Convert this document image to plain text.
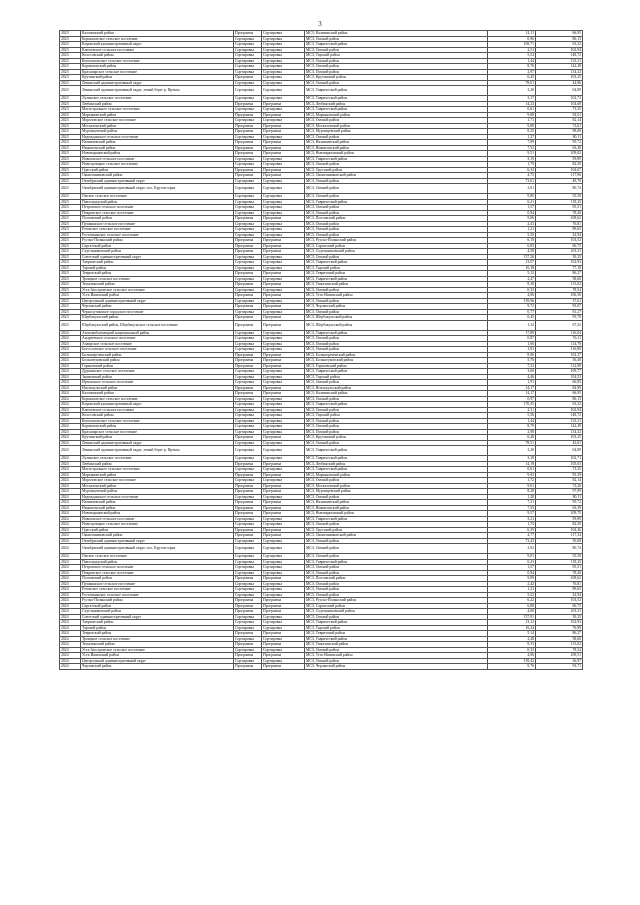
3
2023	Калачинский район	Программа	Сортировка	МСЗ, Калачинский район	14,11	66,95
2023	Кормиловское сельское поселение	Сортировка	Сортировка	МСЗ, Омский район	0,96	86,13
2023	Кировский административный округ	Сортировка	Сортировка	МСЗ, Таврический район	169,71	63,32
2023	Ключевское сельское поселение	Сортировка	Сортировка	МСЗ, Омский район	2,51	102,94
2023	Колосовский район	Сортировка	Сортировка	МСЗ, Тарский район	5,54	148,72
2023	Комсомольское сельское поселение	Сортировка	Сортировка	МСЗ, Омский район	1,44	133,31
2023	Кормиловский район	Сортировка	Сортировка	МСЗ, Омский район	8,76	142,28
2023	Красноярское сельское поселение	Сортировка	Сортировка	МСЗ, Омский район	2,97	134,32
2023	Крутинский район	Программа	Сортировка	МСЗ, Крутинский район	6,45	103,25
2023	Ленинский административный округ	Сортировка	Сортировка	МСЗ, Омский район	78,01	44,96
2023	Ленинский административный округ, левый берег р. Иртыш	Сортировка	Сортировка	МСЗ, Таврический район	2,20	64,89
2023	Лузинское сельское поселение	Сортировка	Сортировка	МСЗ, Таврический район	3,17	102,73
2023	Любинский район	Программа	Программа	МСЗ, Любинский район	14,23	104,68
2023	Магистральное сельское поселение	Сортировка	Сортировка	МСЗ, Таврический район	0,61	73,35
2023	Марьяновский район	Программа	Программа	МСЗ, Марьяновский район	9,88	94,01
2023	Морозовское сельское поселение	Сортировка	Сортировка	МСЗ, Омский район	1,71	82,14
2023	Москаленский район	Программа	Программа	МСЗ, Москаленский район	9,88	73,61
2023	Муромцевский район	Программа	Программа	МСЗ, Муромцевский район	8,25	98,00
2023	Надеждинское сельское поселение	Сортировка	Сортировка	МСЗ, Омский район	1,27	80,11
2023	Называевский район	Программа	Программа	МСЗ, Называевский район	7,89	95,72
2023	Нижнеомский район	Программа	Программа	МСЗ, Нижнеомский район	7,52	63,40
2023	Нововаршавский район	Программа	Программа	МСЗ, Нововаршавский район	9,51	109,02
2023	Новоомское сельское поселение	Сортировка	Сортировка	МСЗ, Таврический район	3,19	59,89
2023	Новотроицкое сельское поселение	Сортировка	Сортировка	МСЗ, Омский район	1,79	82,50
2023	Одесский район	Программа	Программа	МСЗ, Одесский район	6,32	104,67
2023	Оконешниковский район	Программа	Программа	МСЗ, Оконешниковский район	4,75	117,96
2023	Октябрьский административный округ	Сортировка	Сортировка	МСЗ, Омский район	73,61	49,70
2023	Октябрьский административный округ, пос. Крутая горка	Сортировка	Сортировка	МСЗ, Омский район	3,91	80,74
2023	Омское сельское поселение	Сортировка	Сортировка	МСЗ, Омский район	9,80	55,50
2023	Павлоградский район	Сортировка	Сортировка	МСЗ, Таврический район	6,21	118,25
2023	Петровское сельское поселение	Сортировка	Сортировка	МСЗ, Омский район	1,57	95,51
2023	Покровское сельское поселение	Сортировка	Сортировка	МСЗ, Омский район	0,94	78,26
2023	Полтавский район	Программа	Программа	МСЗ, Полтавский район	9,06	108,62
2023	Пушкинское сельское поселение	Сортировка	Сортировка	МСЗ, Омский район	2,41	76,81
2023	Розовское сельское поселение	Сортировка	Сортировка	МСЗ, Омский район	1,21	89,65
2023	Ростовкинское сельское поселение	Сортировка	Сортировка	МСЗ, Омский район	5,50	44,94
2023	Русско-Полянский район	Программа	Программа	МСЗ, Русско-Полянский район	6,19	103,52
2023	Саргатский район	Программа	Программа	МСЗ, Саргатский район	6,85	60,75
2023	Седельниковский район	Программа	Программа	МСЗ, Седельниковский район	4,58	103,31
2023	Советский административный округ	Сортировка	Сортировка	МСЗ, Омский район	157,26	39,35
2023	Таврический район	Сортировка	Сортировка	МСЗ, Таврический район	13,07	102,93
2023	Тарский район	Сортировка	Сортировка	МСЗ, Тарский район	16,18	77,10
2023	Тевризский район	Программа	Программа	МСЗ, Тевризский район	5,12	86,27
2023	Троицкое сельское поселение	Сортировка	Сортировка	МСЗ, Таврический район	2,47	58,60
2023	Тюкалинский район	Программа	Программа	МСЗ, Тюкалинский район	8,30	115,02
2023	Усть-Заостровское сельское поселение	Сортировка	Сортировка	МСЗ, Омский район	0,33	78,54
2023	Усть-Ишимский район	Программа	Программа	МСЗ, Усть-Ишимский район	4,06	106,56
2023	Центральный административный округ	Сортировка	Сортировка	МСЗ, Омский район	139,96	37,61
2023	Черлакский район	Программа	Программа	МСЗ, Черлакский район	9,72	93,07
2023	Чернолучинское городское поселение	Сортировка	Сортировка	МСЗ, Омский район	0,77	81,27
2023	Шербакульский район	Программа	Программа	МСЗ, Шербакульский район	6,45	95,78
2023	Шербакульский район, Шербакульское сельское поселение	Программа	Программа	МСЗ, Шербакульский район	1,32	67,52
2024	Азовский немецкий национальный район	Сортировка	Сортировка	МСЗ, Таврический район	17,89	116,04
2024	Андреевское сельское поселение	Сортировка	Сортировка	МСЗ, Омский район	0,87	76,11
2024	Ачаирское сельское поселение	Сортировка	Сортировка	МСЗ, Омский район	1,60	114,78
2024	Богословское сельское поселение	Сортировка	Сортировка	МСЗ, Омский район	1,81	116,80
2024	Большереченский район	Программа	Программа	МСЗ, Большереченский район	8,96	102,37
2024	Большеуковский район	Программа	Программа	МСЗ, Большеуковский район	5,76	56,40
2024	Горьковский район	Программа	Программа	МСЗ, Горьковский район	7,32	112,99
2024	Дружинское сельское поселение	Сортировка	Сортировка	МСЗ, Таврический район	3,60	109,77
2024	Знаменский район	Сортировка	Сортировка	МСЗ, Тарский район	4,46	104,53
2024	Иртышское сельское поселение	Сортировка	Сортировка	МСЗ, Омский район	1,91	66,85
2024	Исилькульский район	Программа	Программа	МСЗ, Исилькульский район	14,17	84,90
2024	Калачинский район	Программа	Программа	МСЗ, Калачинский район	14,17	66,95
2024	Кормиловское сельское поселение	Сортировка	Сортировка	МСЗ, Омский район	0,97	86,13
2024	Кировский административный округ	Сортировка	Сортировка	МСЗ, Таврический район	170,45	63,32
2024	Ключевское сельское поселение	Сортировка	Сортировка	МСЗ, Омский район	2,51	102,94
2024	Колосовский район	Сортировка	Сортировка	МСЗ, Тарский район	5,56	148,72
2024	Комсомольское сельское поселение	Сортировка	Сортировка	МСЗ, Омский район	1,44	133,31
2024	Кормиловский район	Сортировка	Сортировка	МСЗ, Омский район	8,79	142,49
2024	Красноярское сельское поселение	Сортировка	Сортировка	МСЗ, Омский район	2,98	134,32
2024	Крутинский район	Программа	Программа	МСЗ, Крутинский район	6,48	103,25
2024	Ленинский административный округ	Сортировка	Сортировка	МСЗ, Омский район	78,51	45,01
2024	Ленинский административный округ, левый берег р. Иртыш	Сортировка	Сортировка	МСЗ, Таврический район	2,20	64,89
2024	Лузинское сельское поселение	Сортировка	Сортировка	МСЗ, Таврический район	3,18	102,71
2024	Любинский район	Программа	Программа	МСЗ, Любинский район	14,19	105,03
2024	Магистральное сельское поселение	Сортировка	Сортировка	МСЗ, Таврический район	0,61	73,35
2024	Марьяновский район	Программа	Программа	МСЗ, Марьяновский район	9,92	95,39
2024	Морозовское сельское поселение	Сортировка	Сортировка	МСЗ, Омский район	1,72	82,14
2024	Москаленский район	Программа	Программа	МСЗ, Москаленский район	9,61	73,26
2024	Муромцевский район	Программа	Программа	МСЗ, Муромцевский район	8,28	97,99
2024	Надеждинское сельское поселение	Сортировка	Сортировка	МСЗ, Омский район	1,28	80,11
2024	Называевский район	Программа	Программа	МСЗ, Называевский район	7,31	95,72
2024	Нижнеомский район	Программа	Программа	МСЗ, Нижнеомский район	7,55	63,39
2024	Нововаршавский район	Программа	Программа	МСЗ, Нововаршавский район	9,57	109,75
2024	Новоомское сельское поселение	Сортировка	Сортировка	МСЗ, Таврический район	3,21	59,89
2024	Новотроицкое сельское поселение	Сортировка	Сортировка	МСЗ, Омский район	1,74	82,50
2024	Одесский район	Программа	Программа	МСЗ, Одесский район	6,35	104,36
2024	Оконешниковский район	Программа	Программа	МСЗ, Оконешниковский район	4,77	117,34
2024	Октябрьский административный округ	Сортировка	Сортировка	МСЗ, Омский район	73,43	50,69
2024	Октябрьский административный округ, пос. Крутая горка	Сортировка	Сортировка	МСЗ, Омский район	3,92	80,74
2024	Омское сельское поселение	Сортировка	Сортировка	МСЗ, Омский район	9,81	55,50
2024	Павлоградский район	Сортировка	Сортировка	МСЗ, Таврический район	6,23	118,25
2024	Петровское сельское поселение	Сортировка	Сортировка	МСЗ, Омский район	1,57	95,51
2024	Покровское сельское поселение	Сортировка	Сортировка	МСЗ, Омский район	0,94	78,26
2024	Полтавский район	Программа	Программа	МСЗ, Полтавский район	9,09	108,62
2024	Пушкинское сельское поселение	Сортировка	Сортировка	МСЗ, Омский район	2,42	76,81
2024	Розовское сельское поселение	Сортировка	Сортировка	МСЗ, Омский район	1,21	89,65
2024	Ростовкинское сельское поселение	Сортировка	Сортировка	МСЗ, Омский район	5,52	44,94
2024	Русско-Полянский район	Программа	Программа	МСЗ, Русско-Полянский район	6,22	103,52
2024	Саргатский район	Программа	Программа	МСЗ, Саргатский район	6,88	60,75
2024	Седельниковский район	Программа	Программа	МСЗ, Седельниковский район	4,60	103,31
2024	Советский административный округ	Сортировка	Сортировка	МСЗ, Омский район	157,91	39,35
2024	Таврический район	Сортировка	Сортировка	МСЗ, Таврический район	13,12	102,93
2024	Тарский район	Сортировка	Сортировка	МСЗ, Тарский район	16,24	76,98
2024	Тевризский район	Программа	Программа	МСЗ, Тевризский район	5,14	86,27
2024	Троицкое сельское поселение	Сортировка	Сортировка	МСЗ, Таврический район	2,48	58,60
2024	Тюкалинский район	Программа	Программа	МСЗ, Тюкалинский район	8,33	115,02
2024	Усть-Заостровское сельское поселение	Сортировка	Сортировка	МСЗ, Омский район	0,33	78,54
2024	Усть-Ишимский район	Программа	Программа	МСЗ, Усть-Ишимский район	4,06	109,51
2024	Центральный административный округ	Сортировка	Сортировка	МСЗ, Омский район	139,42	36,97
2024	Черлакский район	Программа	Программа	МСЗ, Черлакский район	9,76	93,71
